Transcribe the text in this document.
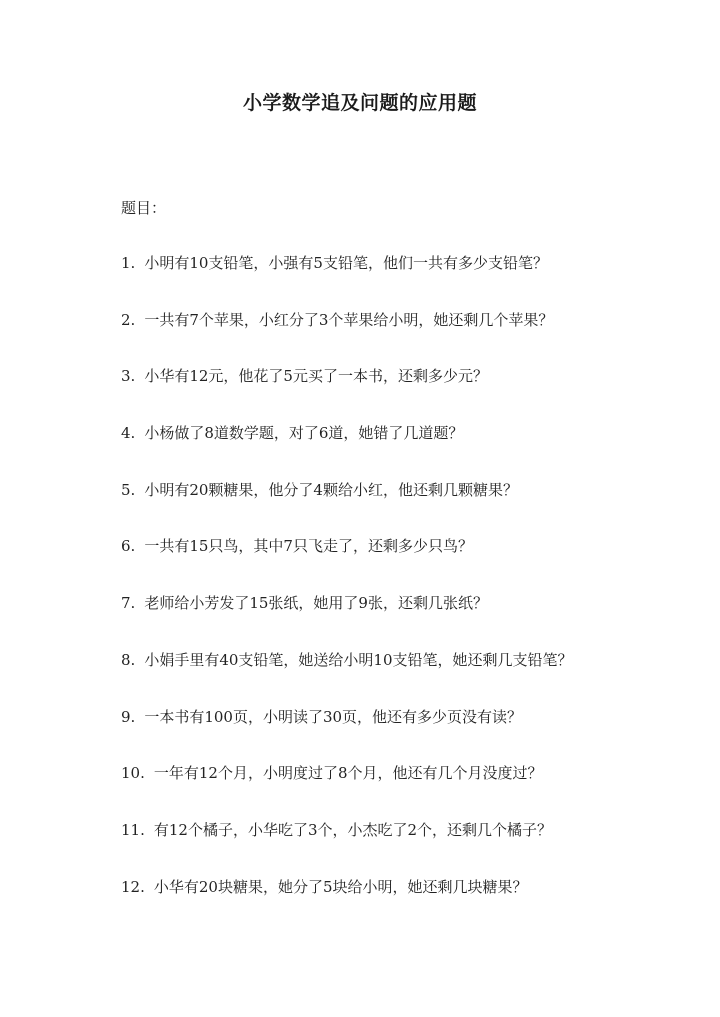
小学数学追及问题的应用题
题目：
1. 小明有10支铅笔，小强有5支铅笔，他们一共有多少支铅笔？
2. 一共有7个苹果，小红分了3个苹果给小明，她还剩几个苹果？
3. 小华有12元，他花了5元买了一本书，还剩多少元？
4. 小杨做了8道数学题，对了6道，她错了几道题？
5. 小明有20颗糖果，他分了4颗给小红，他还剩几颗糖果？
6. 一共有15只鸟，其中7只飞走了，还剩多少只鸟？
7. 老师给小芳发了15张纸，她用了9张，还剩几张纸？
8. 小娟手里有40支铅笔，她送给小明10支铅笔，她还剩几支铅笔？
9. 一本书有100页，小明读了30页，他还有多少页没有读？
10. 一年有12个月，小明度过了8个月，他还有几个月没度过？
11. 有12个橘子，小华吃了3个，小杰吃了2个，还剩几个橘子？
12. 小华有20块糖果，她分了5块给小明，她还剩几块糖果？
